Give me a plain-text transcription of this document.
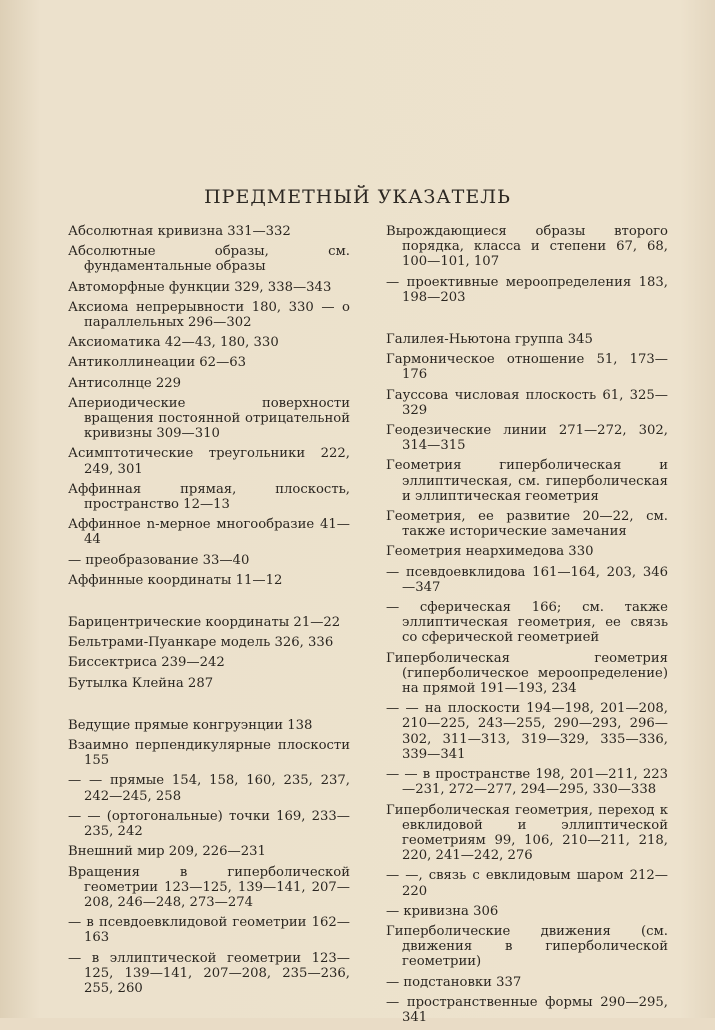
ПРЕДМЕТНЫЙ УКАЗАТЕЛЬ
Абсолютная кривизна 331—332
Абсолютные образы, см. фундаментальные образы
Автоморфные функции 329, 338—343
Аксиома непрерывности 180, 330 — о параллельных 296—302
Аксиоматика 42—43, 180, 330
Антиколлинеации 62—63
Антисолнце 229
Апериодические поверхности вращения постоянной отрицательной кривизны 309—310
Асимптотические треугольники 222, 249, 301
Аффинная прямая, плоскость, пространство 12—13
Аффинное n-мерное многообразие 41—44
— преобразование 33—40
Аффинные координаты 11—12
Барицентрические координаты 21—22
Бельтрами-Пуанкаре модель 326, 336
Биссектриса 239—242
Бутылка Клейна 287
Ведущие прямые конгруэнции 138
Взаимно перпендикулярные плоскости 155
— — прямые 154, 158, 160, 235, 237, 242—245, 258
— — (ортогональные) точки 169, 233—235, 242
Внешний мир 209, 226—231
Вращения в гиперболической геометрии 123—125, 139—141, 207—208, 246—248, 273—274
— в псевдоевклидовой геометрии 162—163
— в эллиптической геометрии 123—125, 139—141, 207—208, 235—236, 255, 260
Вырождающиеся образы второго порядка, класса и степени 67, 68, 100—101, 107
— проективные мероопределения 183, 198—203
Галилея-Ньютона группа 345
Гармоническое отношение 51, 173—176
Гауссова числовая плоскость 61, 325—329
Геодезические линии 271—272, 302, 314—315
Геометрия гиперболическая и эллиптическая, см. гиперболическая и эллиптическая геометрия
Геометрия, ее развитие 20—22, см. также исторические замечания
Геометрия неархимедова 330
— псевдоевклидова 161—164, 203, 346—347
— сферическая 166; см. также эллиптическая геометрия, ее связь со сферической геометрией
Гиперболическая геометрия (гиперболическое мероопределение) на прямой 191—193, 234
— — на плоскости 194—198, 201—208, 210—225, 243—255, 290—293, 296—302, 311—313, 319—329, 335—336, 339—341
— — в пространстве 198, 201—211, 223—231, 272—277, 294—295, 330—338
Гиперболическая геометрия, переход к евклидовой и эллиптической геометриям 99, 106, 210—211, 218, 220, 241—242, 276
— —, связь с евклидовым шаром 212—220
— кривизна 306
Гиперболические движения (см. движения в гиперболической геометрии)
— подстановки 337
— пространственные формы 290—295, 341
